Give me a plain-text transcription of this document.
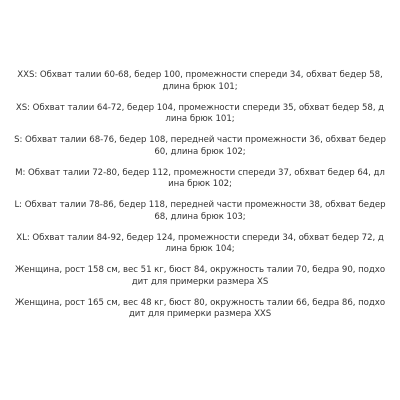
XXS: Обхват талии 60-68, бедер 100, промежности спереди 34, обхват бедер 58, длина брюк 101;
XS: Обхват талии 64-72, бедер 104, промежности спереди 35, обхват бедер 58, длина брюк 101;
S: Обхват талии 68-76, бедер 108, передней части промежности 36, обхват бедер 60, длина брюк 102;
M: Обхват талии 72-80, бедер 112, промежности спереди 37, обхват бедер 64, длина брюк 102;
L: Обхват талии 78-86, бедер 118, передней части промежности 38, обхват бедер 68, длина брюк 103;
XL: Обхват талии 84-92, бедер 124, промежности спереди 34, обхват бедер 72, длина брюк 104;
Женщина, рост 158 см, вес 51 кг, бюст 84, окружность талии 70, бедра 90, подходит для примерки размера XS
Женщина, рост 165 см, вес 48 кг, бюст 80, окружность талии 66, бедра 86, подходит для примерки размера XXS
